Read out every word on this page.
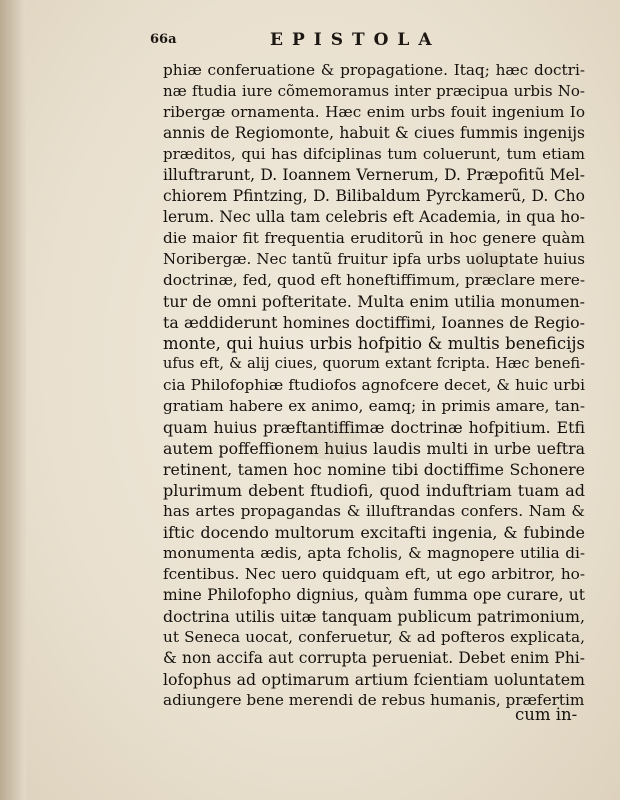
66a	EPISTOLA
phiæ conferuatione & propagatione. Itaq; hæc doctri-
næ ftudia iure cõmemoramus inter præcipua urbis No-
ribergæ ornamenta. Hæc enim urbs fouit ingenium Io
annis de Regiomonte, habuit & ciues fummis ingenijs
præditos, qui has difciplinas tum coluerunt, tum etiam
illuftrarunt, D. Ioannem Vernerum, D. Præpofitũ Mel-
chiorem Pfintzing, D. Bilibaldum Pyrckamerũ, D. Cho
lerum. Nec ulla tam celebris eft Academia, in qua ho-
die maior fit frequentia eruditorũ in hoc genere quàm
Noribergæ. Nec tantũ fruitur ipfa urbs uoluptate huius
doctrinæ, fed, quod eft honeftiffimum, præclare mere-
tur de omni pofteritate. Multa enim utilia monumen-
ta æddiderunt homines doctiffimi, Ioannes de Regio-
monte, qui huius urbis hofpitio & multis beneficijs
ufus eft, & alij ciues, quorum extant fcripta. Hæc benefi-
cia Philofophiæ ftudiofos agnofcere decet, & huic urbi
gratiam habere ex animo, eamq; in primis amare, tan-
quam huius præftantiffimæ doctrinæ hofpitium. Etfi
autem poffeffionem huius laudis multi in urbe ueftra
retinent, tamen hoc nomine tibi doctiffime Schonere
plurimum debent ftudiofi, quod induftriam tuam ad
has artes propagandas & illuftrandas confers. Nam &
iftic docendo multorum excitafti ingenia, & fubinde
monumenta ædis, apta fcholis, & magnopere utilia di-
fcentibus. Nec uero quidquam eft, ut ego arbitror, ho-
mine Philofopho dignius, quàm fumma ope curare, ut
doctrina utilis uitæ tanquam publicum patrimonium,
ut Seneca uocat, conferuetur, & ad pofteros explicata,
& non accifa aut corrupta perueniat. Debet enim Phi-
lofophus ad optimarum artium fcientiam uoluntatem
adiungere bene merendi de rebus humanis, præfertim
cum in-
